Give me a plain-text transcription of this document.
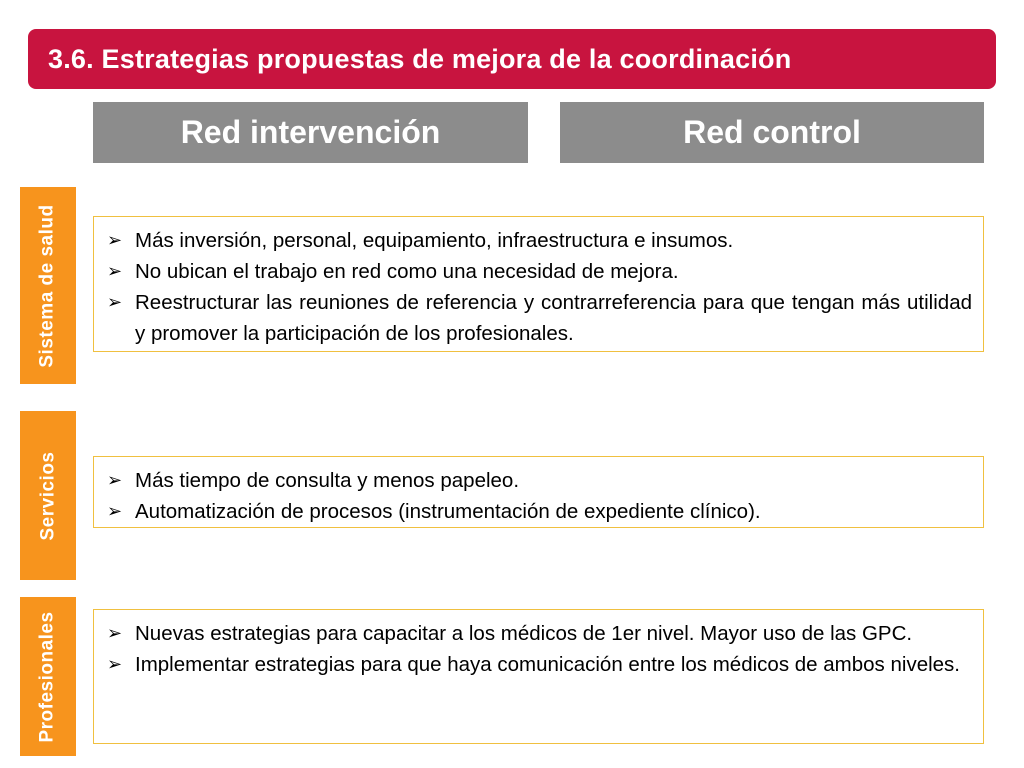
3.6. Estrategias propuestas de mejora de la coordinación
Red intervención	Red control
Sistema de salud	➢ Más inversión, personal, equipamiento, infraestructura e insumos.
➢ No ubican el trabajo en red como una necesidad de mejora.
➢ Reestructurar las reuniones de referencia y contrarreferencia para que tengan más utilidad y promover la participación de los profesionales.
Servicios	➢ Más tiempo de consulta y menos papeleo.
➢ Automatización de procesos (instrumentación de expediente clínico).
Profesionales	➢ Nuevas estrategias para capacitar a los médicos de 1er nivel. Mayor uso de las GPC.
➢ Implementar estrategias para que haya comunicación entre los médicos de ambos niveles.
